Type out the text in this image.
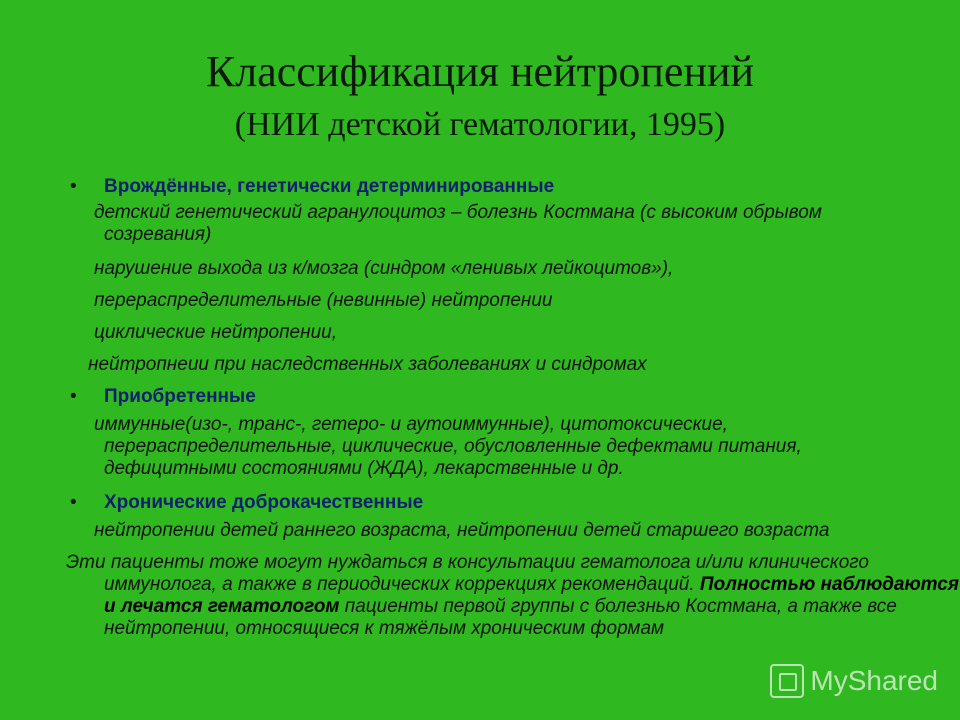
Классификация нейтропений
(НИИ детской гематологии, 1995)
• Врождённые, генетически детерминированные
детский генетический агранулоцитоз – болезнь Костмана (с высоким обрывом созревания)
нарушение выхода из к/мозга (синдром «ленивых лейкоцитов»),
перераспределительные (невинные) нейтропении
циклические нейтропении,
нейтропнеии при наследственных заболеваниях и синдромах
• Приобретенные
иммунные(изо-, транс-, гетеро- и аутоиммунные), цитотоксические, перераспределительные, циклические, обусловленные дефектами питания, дефицитными состояниями (ЖДА), лекарственные и др.
• Хронические доброкачественные
нейтропении детей раннего возраста, нейтропении детей старшего возраста
Эти пациенты тоже могут нуждаться в консультации гематолога и/или клинического иммунолога, а также в периодических коррекциях рекомендаций. Полностью наблюдаются и лечатся гематологом пациенты первой группы с болезнью Костмана, а также все нейтропении, относящиеся к тяжёлым хроническим формам
MyShared
